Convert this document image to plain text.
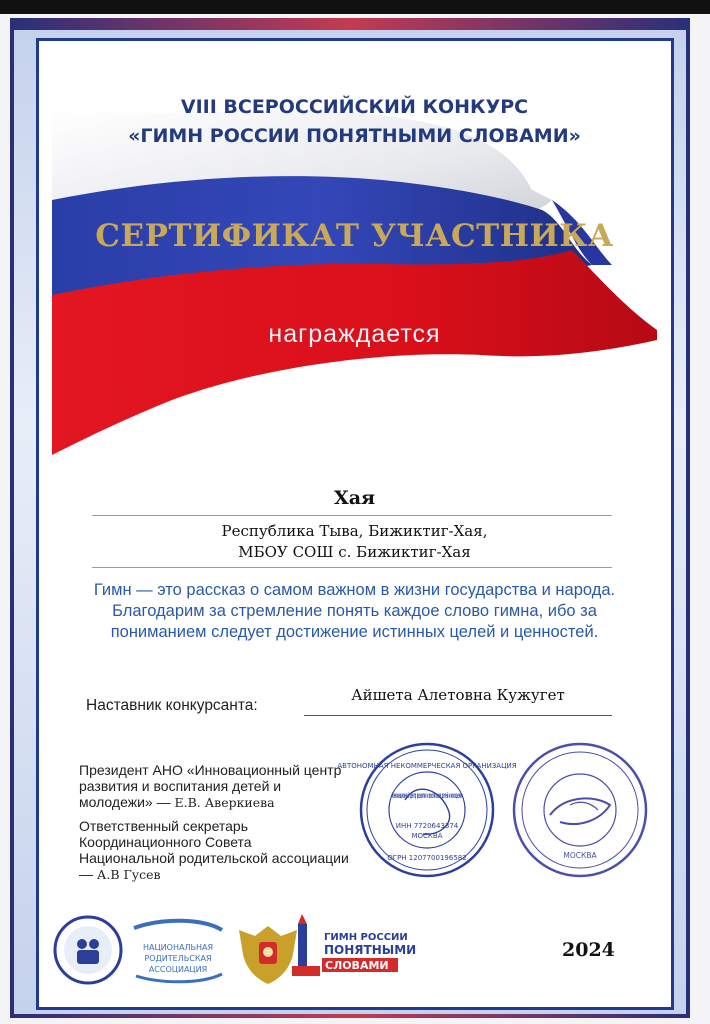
VIII ВСЕРОССИЙСКИЙ КОНКУРС
«ГИМН РОССИИ ПОНЯТНЫМИ СЛОВАМИ»
СЕРТИФИКАТ УЧАСТНИКА
награждается
Хая
Республика Тыва, Бижиктиг-Хая,
МБОУ СОШ с. Бижиктиг-Хая
Гимн — это рассказ о самом важном в жизни государства и народа. Благодарим за стремление понять каждое слово гимна, ибо за пониманием следует достижение истинных целей и ценностей.
Наставник конкурсанта:
Айшета Алетовна Кужугет
Президент АНО «Инновационный центр развития и воспитания детей и молодежи» — Е.В. Аверкиева
Ответственный секретарь Координационного Совета Национальной родительской ассоциации — А.В Гусев
АВТОНОМНАЯ НЕКОММЕРЧЕСКАЯ ОРГАНИЗАЦИЯ
«Инновационный центр развития и воспитания детей и молодежи»
ИНН 7720643374
МОСКВА
ОГРН 1207700196582	МОСКВА
НАЦИОНАЛЬНАЯ
РОДИТЕЛЬСКАЯ
АССОЦИАЦИЯ
ГИМН РОССИИ
ПОНЯТНЫМИ
СЛОВАМИ
2024
